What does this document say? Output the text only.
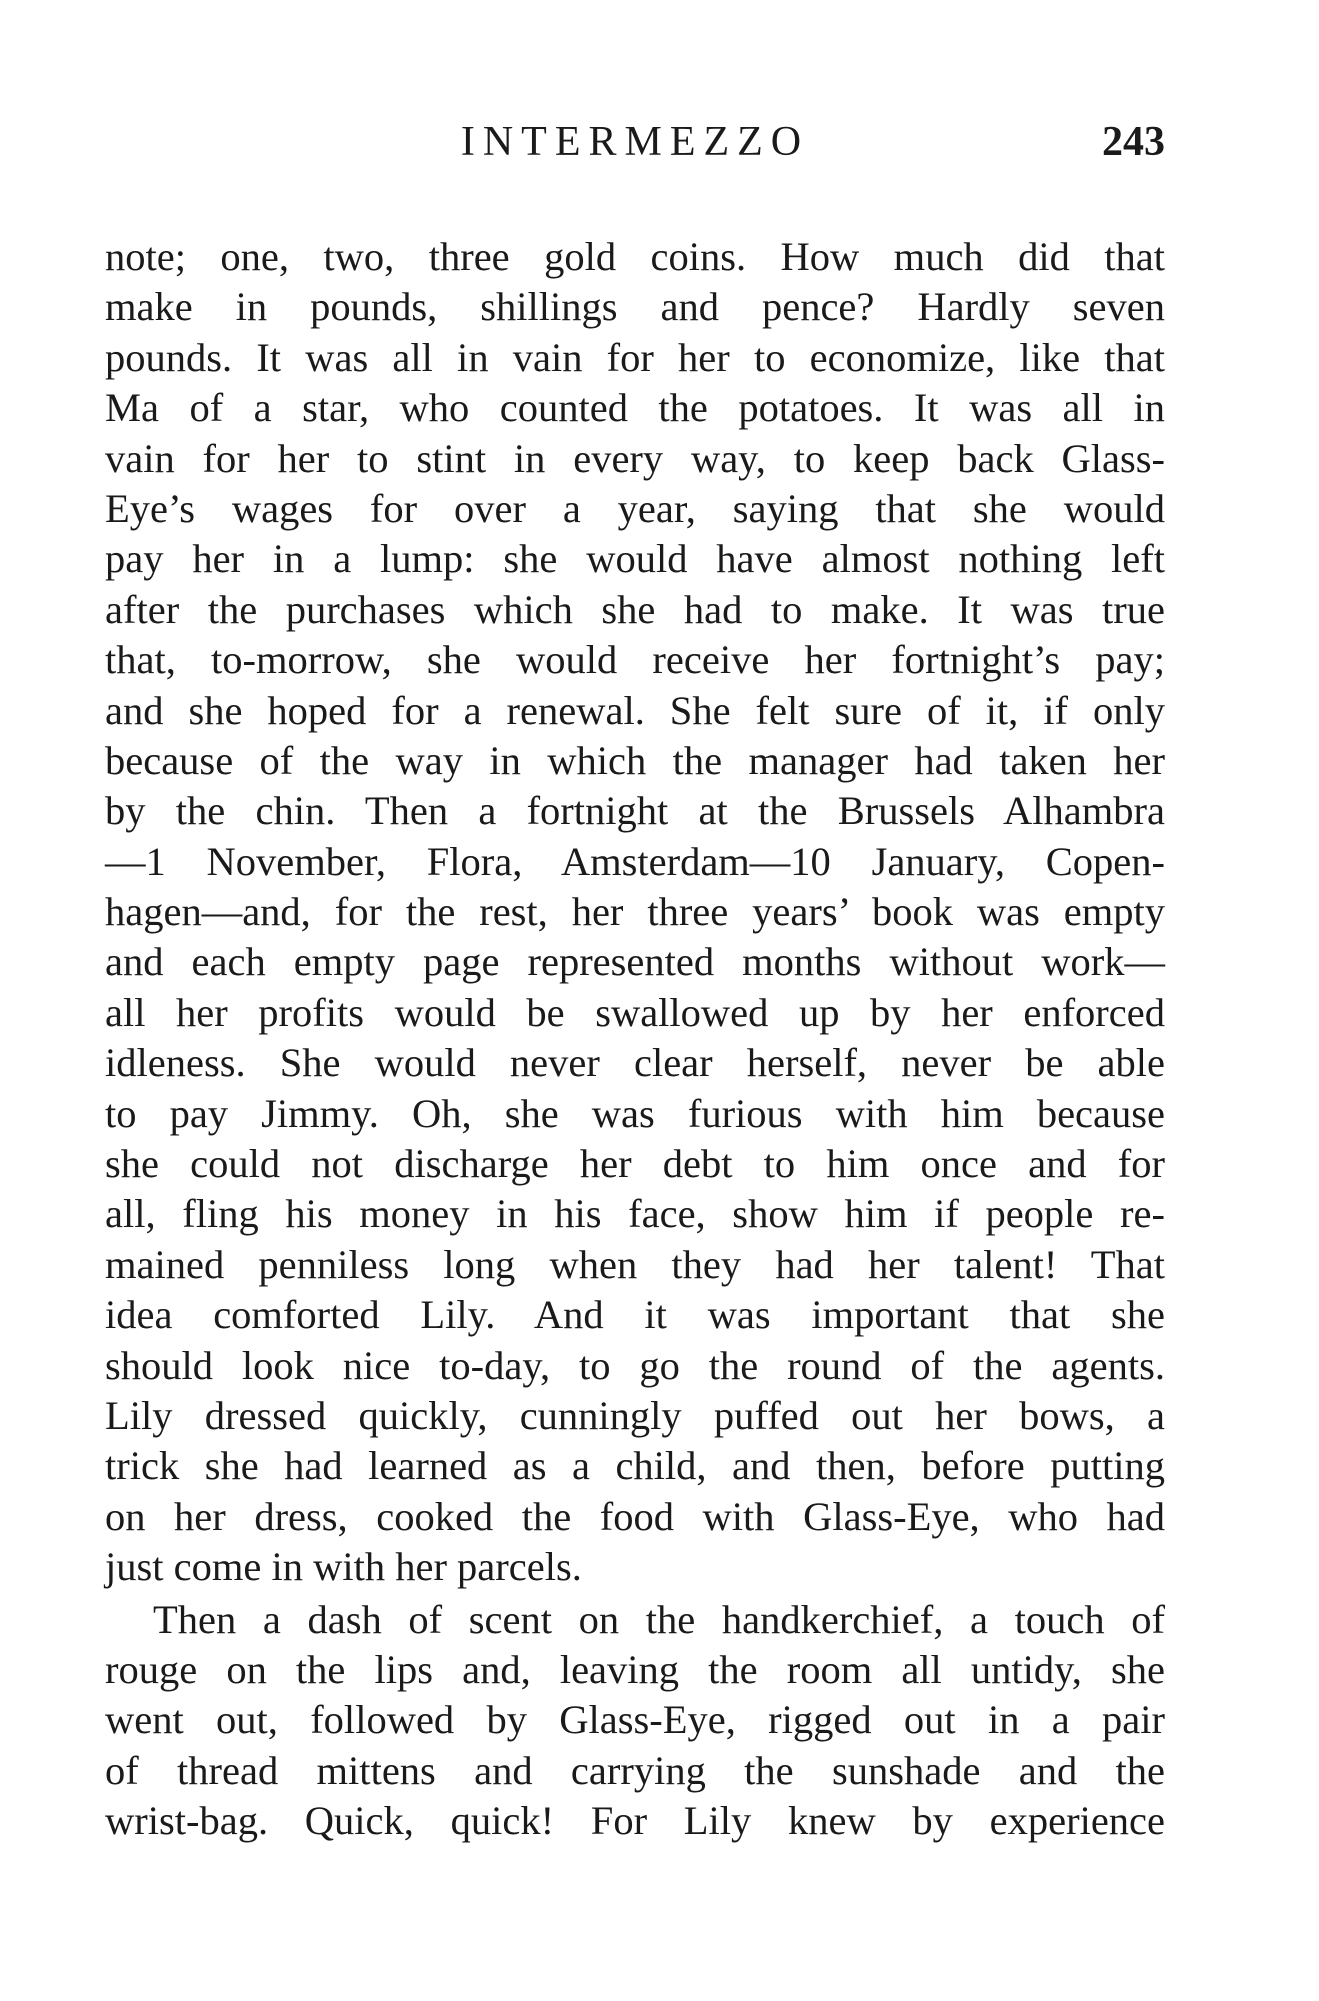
INTERMEZZO	243
note; one, two, three gold coins. How much did that
make in pounds, shillings and pence? Hardly seven
pounds. It was all in vain for her to economize, like that
Ma of a star, who counted the potatoes. It was all in
vain for her to stint in every way, to keep back Glass-
Eye’s wages for over a year, saying that she would
pay her in a lump: she would have almost nothing left
after the purchases which she had to make. It was true
that, to-morrow, she would receive her fortnight’s pay;
and she hoped for a renewal. She felt sure of it, if only
because of the way in which the manager had taken her
by the chin. Then a fortnight at the Brussels Alhambra
—1 November, Flora, Amsterdam—10 January, Copen-
hagen—and, for the rest, her three years’ book was empty
and each empty page represented months without work—
all her profits would be swallowed up by her enforced
idleness. She would never clear herself, never be able
to pay Jimmy. Oh, she was furious with him because
she could not discharge her debt to him once and for
all, fling his money in his face, show him if people re-
mained penniless long when they had her talent! That
idea comforted Lily. And it was important that she
should look nice to-day, to go the round of the agents.
Lily dressed quickly, cunningly puffed out her bows, a
trick she had learned as a child, and then, before putting
on her dress, cooked the food with Glass-Eye, who had
just come in with her parcels.
Then a dash of scent on the handkerchief, a touch of
rouge on the lips and, leaving the room all untidy, she
went out, followed by Glass-Eye, rigged out in a pair
of thread mittens and carrying the sunshade and the
wrist-bag. Quick, quick! For Lily knew by experience
